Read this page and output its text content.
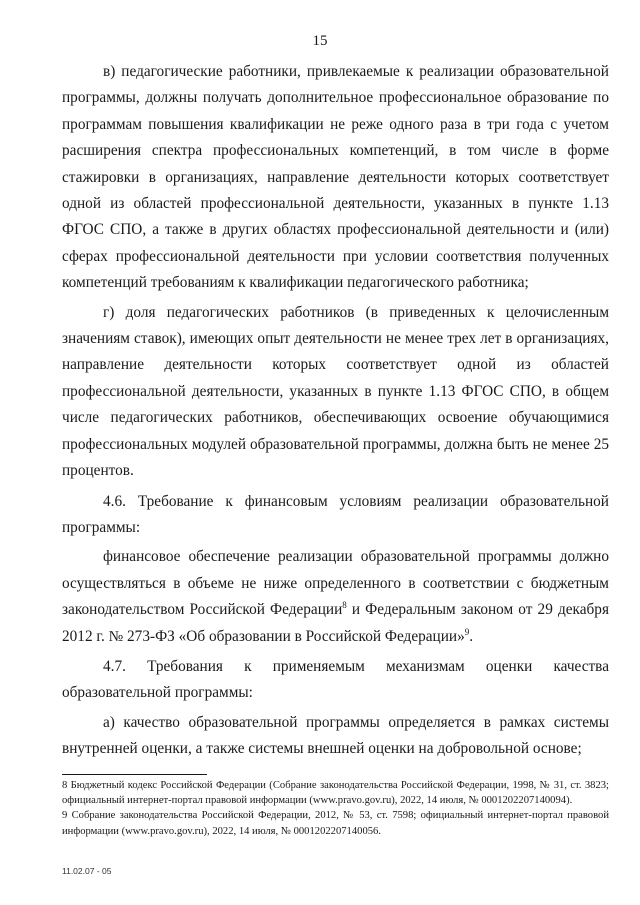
15

в) педагогические работники, привлекаемые к реализации образовательной программы, должны получать дополнительное профессиональное образование по программам повышения квалификации не реже одного раза в три года с учетом расширения спектра профессиональных компетенций, в том числе в форме стажировки в организациях, направление деятельности которых соответствует одной из областей профессиональной деятельности, указанных в пункте 1.13 ФГОС СПО, а также в других областях профессиональной деятельности и (или) сферах профессиональной деятельности при условии соответствия полученных компетенций требованиям к квалификации педагогического работника;

г) доля педагогических работников (в приведенных к целочисленным значениям ставок), имеющих опыт деятельности не менее трех лет в организациях, направление деятельности которых соответствует одной из областей профессиональной деятельности, указанных в пункте 1.13 ФГОС СПО, в общем числе педагогических работников, обеспечивающих освоение обучающимися профессиональных модулей образовательной программы, должна быть не менее 25 процентов.

4.6. Требование к финансовым условиям реализации образовательной программы:

финансовое обеспечение реализации образовательной программы должно осуществляться в объеме не ниже определенного в соответствии с бюджетным законодательством Российской Федерации$^8$ и Федеральным законом от 29 декабря 2012 г. № 273-ФЗ «Об образовании в Российской Федерации»$^9$.

4.7. Требования к применяемым механизмам оценки качества образовательной программы:

а) качество образовательной программы определяется в рамках системы внутренней оценки, а также системы внешней оценки на добровольной основе;

8 Бюджетный кодекс Российской Федерации (Собрание законодательства Российской Федерации, 1998, № 31, ст. 3823; официальный интернет-портал правовой информации (www.pravo.gov.ru), 2022, 14 июля, № 0001202207140094).

9 Собрание законодательства Российской Федерации, 2012, № 53, ст. 7598; официальный интернет-портал правовой информации (www.pravo.gov.ru), 2022, 14 июля, № 0001202207140056.

11.02.07 - 05
